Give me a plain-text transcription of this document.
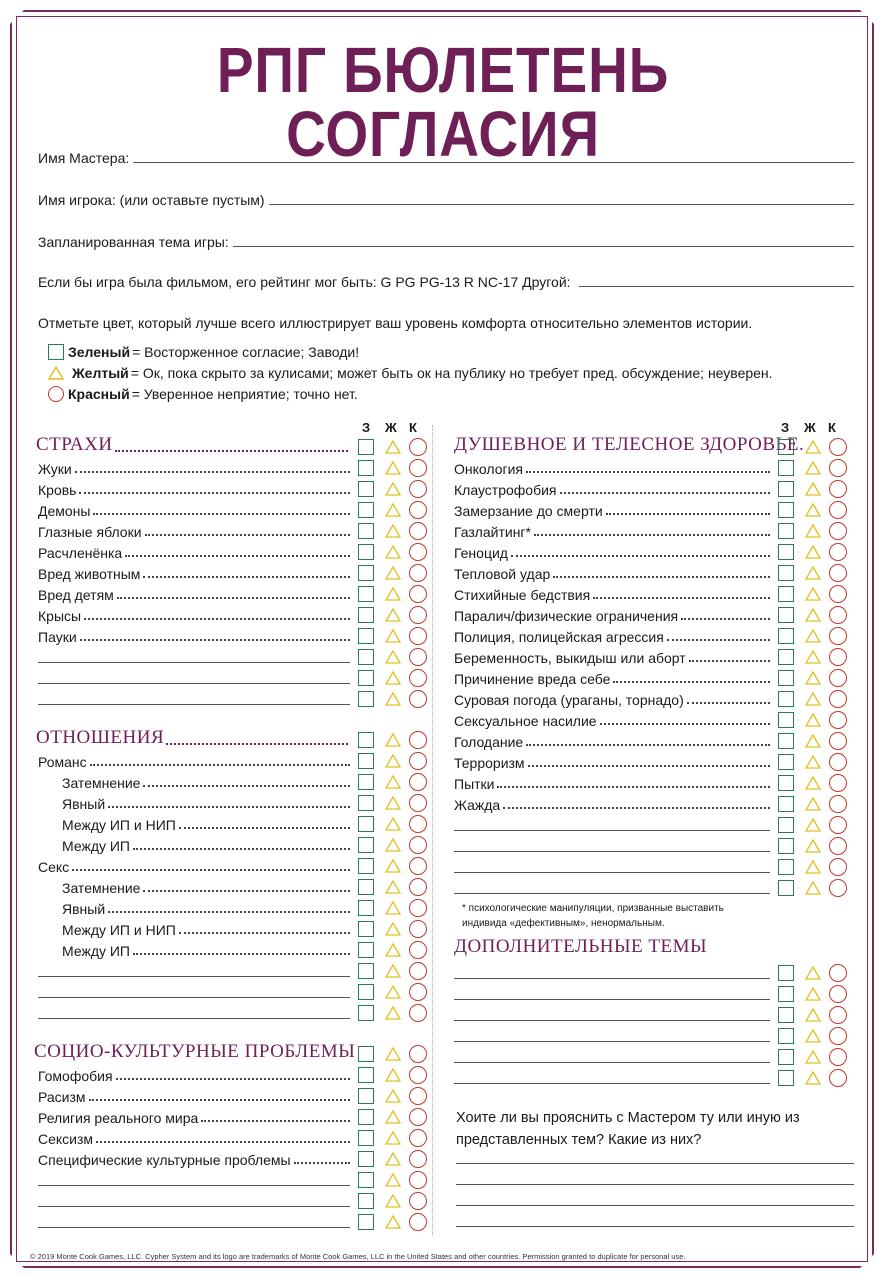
РПГ БЮЛЕТЕНЬ СОГЛАСИЯ
Имя Мастера:
Имя игрока: (или оставьте пустым)
Запланированная тема игры:
Если бы игра была фильмом, его рейтинг мог быть: G PG PG-13 R NC-17 Другой:
Отметьте цвет, который лучше всего иллюстрирует ваш уровень комфорта относительно элементов истории.
Зеленый = Восторженное согласие; Заводи!
Желтый = Ок, пока скрыто за кулисами; может быть ок на публику но требует пред. обсуждение; неуверен.
Красный = Уверенное неприятие; точно нет.
З Ж К	З Ж К
* психологические манипуляции, призванные выставить индивида «дефективным», ненормальным.
Хоите ли вы прояснить с Мастером ту или иную из представленных тем? Какие из них?
© 2019 Monte Cook Games, LLC. Cypher System and its logo are trademarks of Monte Cook Games, LLC in the United States and other countries. Permission granted to duplicate for personal use.
СТРАХИ
Жуки
Кровь
Демоны
Глазные яблоки
Расчленёнка
Вред животным
Вред детям
Крысы
Пауки
ОТНОШЕНИЯ
Романс
Затемнение
Явный
Между ИП и НИП
Между ИП
Секс
Затемнение
Явный
Между ИП и НИП
Между ИП
СОЦИО-КУЛЬТУРНЫЕ ПРОБЛЕМЫ
Гомофобия
Расизм
Религия реального мира
Сексизм
Специфические культурные проблемы
ДУШЕВНОЕ И ТЕЛЕСНОЕ ЗДОРОВЬЕ.
Онкология
Клаустрофобия
Замерзание до смерти
Газлайтинг*
Геноцид
Тепловой удар
Стихийные бедствия
Паралич/физические ограничения
Полиция, полицейская агрессия
Беременность, выкидыш или аборт
Причинение вреда себе
Суровая погода (ураганы, торнадо)
Сексуальное насилие
Голодание
Терроризм
Пытки
Жажда
ДОПОЛНИТЕЛЬНЫЕ ТЕМЫ
